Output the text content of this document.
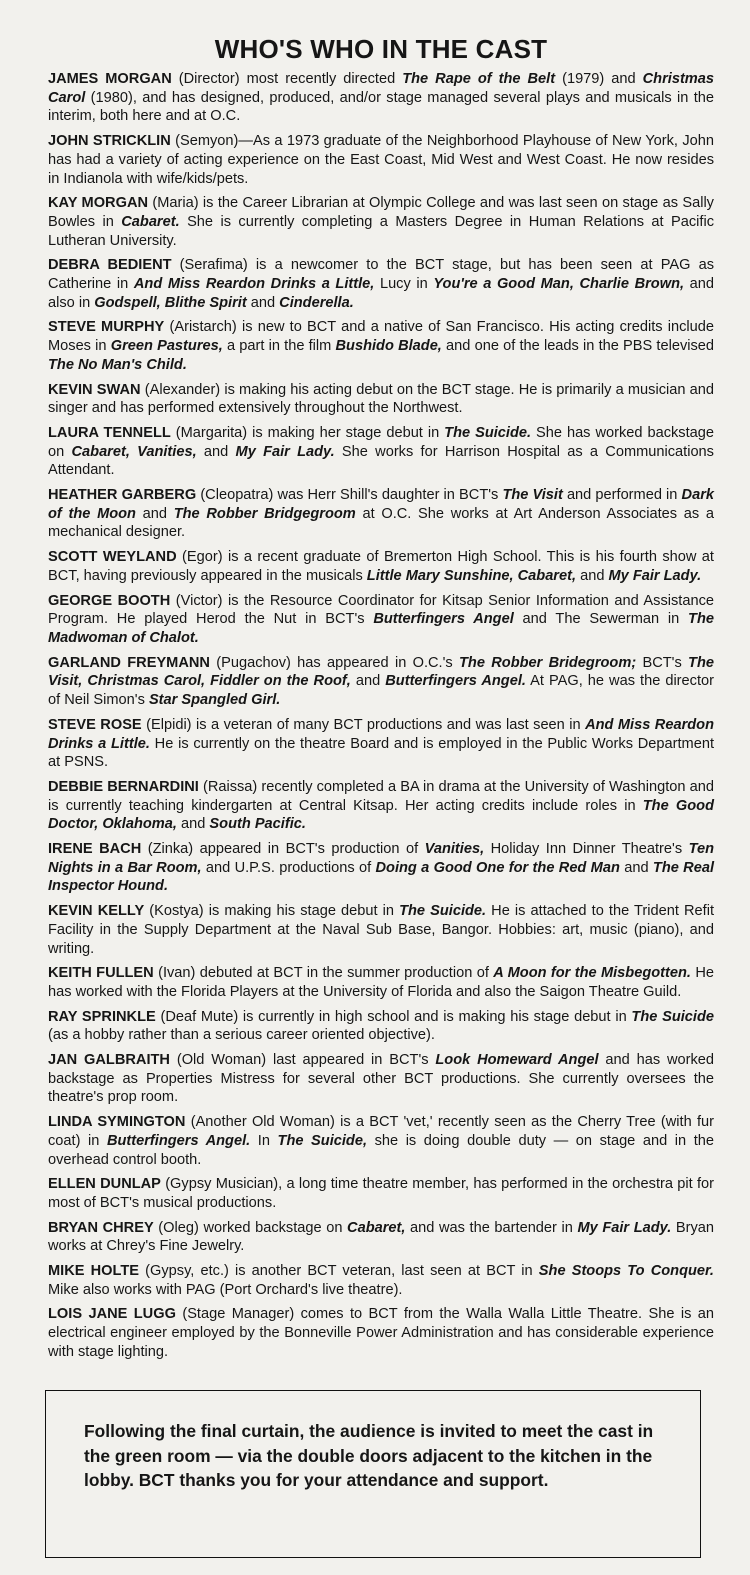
WHO'S WHO IN THE CAST

JAMES MORGAN (Director) most recently directed The Rape of the Belt (1979) and Christmas Carol (1980), and has designed, produced, and/or stage managed several plays and musicals in the interim, both here and at O.C.

JOHN STRICKLIN (Semyon)—As a 1973 graduate of the Neighborhood Playhouse of New York, John has had a variety of acting experience on the East Coast, Mid West and West Coast. He now resides in Indianola with wife/kids/pets.

KAY MORGAN (Maria) is the Career Librarian at Olympic College and was last seen on stage as Sally Bowles in Cabaret. She is currently completing a Masters Degree in Human Relations at Pacific Lutheran University.

DEBRA BEDIENT (Serafima) is a newcomer to the BCT stage, but has been seen at PAG as Catherine in And Miss Reardon Drinks a Little, Lucy in You're a Good Man, Charlie Brown, and also in Godspell, Blithe Spirit and Cinderella.

STEVE MURPHY (Aristarch) is new to BCT and a native of San Francisco. His acting credits include Moses in Green Pastures, a part in the film Bushido Blade, and one of the leads in the PBS televised The No Man's Child.

KEVIN SWAN (Alexander) is making his acting debut on the BCT stage. He is primarily a musician and singer and has performed extensively throughout the Northwest.

LAURA TENNELL (Margarita) is making her stage debut in The Suicide. She has worked backstage on Cabaret, Vanities, and My Fair Lady. She works for Harrison Hospital as a Communications Attendant.

HEATHER GARBERG (Cleopatra) was Herr Shill's daughter in BCT's The Visit and performed in Dark of the Moon and The Robber Bridgegroom at O.C. She works at Art Anderson Associates as a mechanical designer.

SCOTT WEYLAND (Egor) is a recent graduate of Bremerton High School. This is his fourth show at BCT, having previously appeared in the musicals Little Mary Sunshine, Cabaret, and My Fair Lady.

GEORGE BOOTH (Victor) is the Resource Coordinator for Kitsap Senior Information and Assistance Program. He played Herod the Nut in BCT's Butterfingers Angel and The Sewerman in The Madwoman of Chalot.

GARLAND FREYMANN (Pugachov) has appeared in O.C.'s The Robber Bridegroom; BCT's The Visit, Christmas Carol, Fiddler on the Roof, and Butterfingers Angel. At PAG, he was the director of Neil Simon's Star Spangled Girl.

STEVE ROSE (Elpidi) is a veteran of many BCT productions and was last seen in And Miss Reardon Drinks a Little. He is currently on the theatre Board and is employed in the Public Works Department at PSNS.

DEBBIE BERNARDINI (Raissa) recently completed a BA in drama at the University of Washington and is currently teaching kindergarten at Central Kitsap. Her acting credits include roles in The Good Doctor, Oklahoma, and South Pacific.

IRENE BACH (Zinka) appeared in BCT's production of Vanities, Holiday Inn Dinner Theatre's Ten Nights in a Bar Room, and U.P.S. productions of Doing a Good One for the Red Man and The Real Inspector Hound.

KEVIN KELLY (Kostya) is making his stage debut in The Suicide. He is attached to the Trident Refit Facility in the Supply Department at the Naval Sub Base, Bangor. Hobbies: art, music (piano), and writing.

KEITH FULLEN (Ivan) debuted at BCT in the summer production of A Moon for the Misbegotten. He has worked with the Florida Players at the University of Florida and also the Saigon Theatre Guild.

RAY SPRINKLE (Deaf Mute) is currently in high school and is making his stage debut in The Suicide (as a hobby rather than a serious career oriented objective).

JAN GALBRAITH (Old Woman) last appeared in BCT's Look Homeward Angel and has worked backstage as Properties Mistress for several other BCT productions. She currently oversees the theatre's prop room.

LINDA SYMINGTON (Another Old Woman) is a BCT 'vet,' recently seen as the Cherry Tree (with fur coat) in Butterfingers Angel. In The Suicide, she is doing double duty — on stage and in the overhead control booth.

ELLEN DUNLAP (Gypsy Musician), a long time theatre member, has performed in the orchestra pit for most of BCT's musical productions.

BRYAN CHREY (Oleg) worked backstage on Cabaret, and was the bartender in My Fair Lady. Bryan works at Chrey's Fine Jewelry.

MIKE HOLTE (Gypsy, etc.) is another BCT veteran, last seen at BCT in She Stoops To Conquer. Mike also works with PAG (Port Orchard's live theatre).

LOIS JANE LUGG (Stage Manager) comes to BCT from the Walla Walla Little Theatre. She is an electrical engineer employed by the Bonneville Power Administration and has considerable experience with stage lighting.

Following the final curtain, the audience is invited to meet the cast in the green room — via the double doors adjacent to the kitchen in the lobby. BCT thanks you for your attendance and support.
